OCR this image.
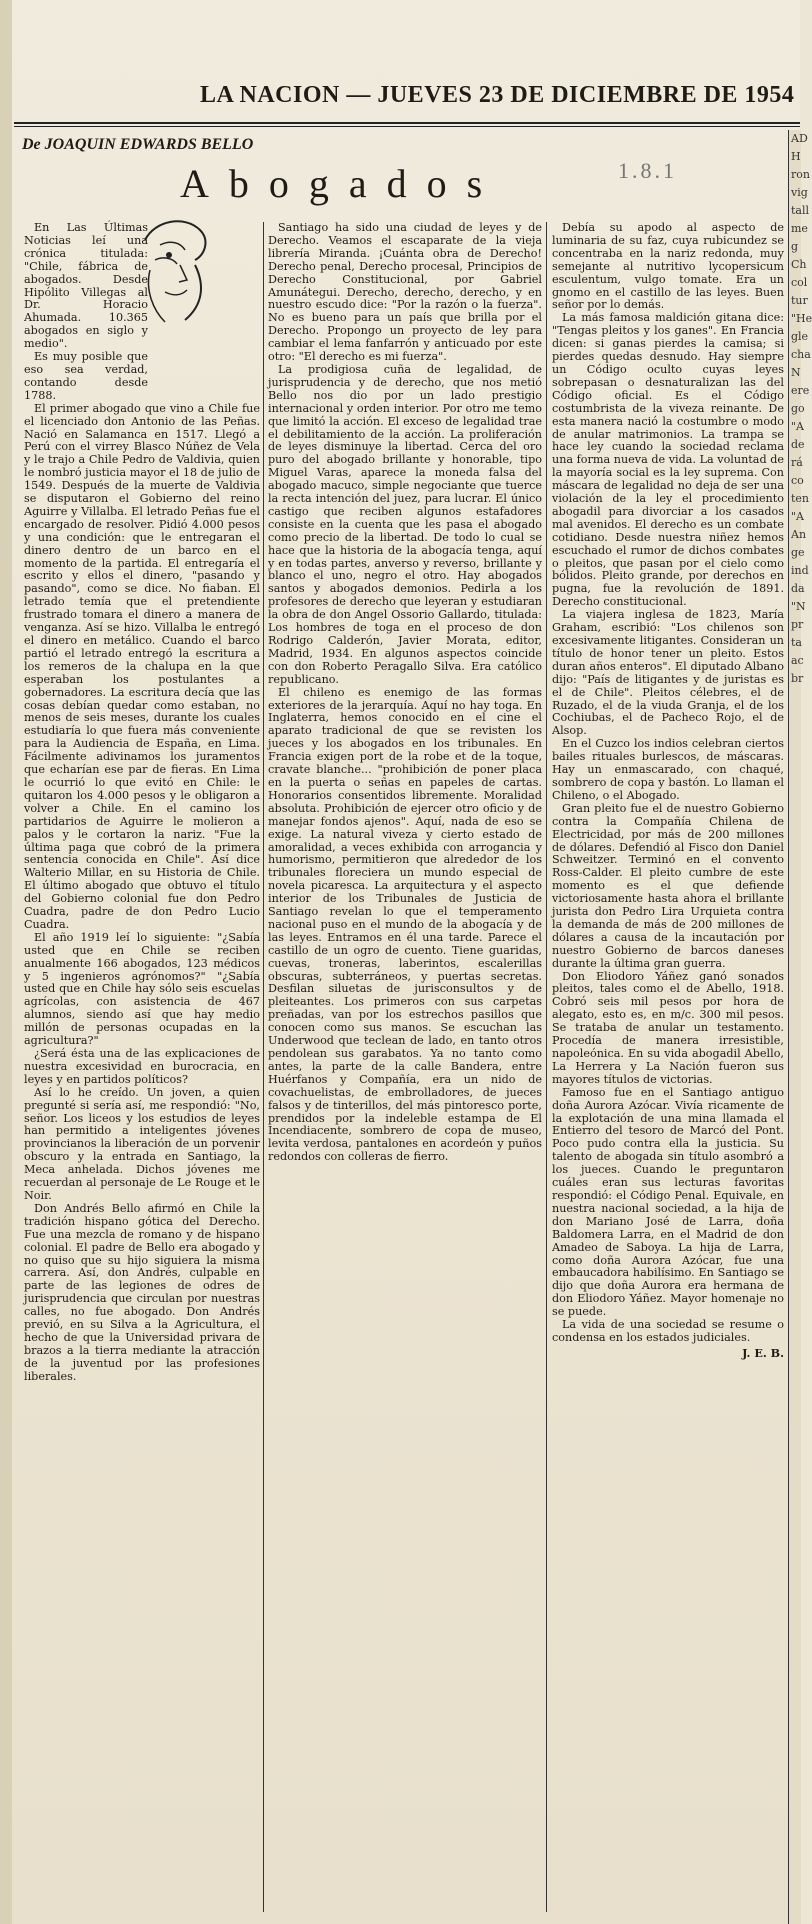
LA NACION — JUEVES 23 DE DICIEMBRE DE 1954
De JOAQUIN EDWARDS BELLO
Abogados	1.8.1

En Las Últimas Noticias leí una crónica titulada: "Chile, fábrica de abogados. Desde Hipólito Villegas al Dr. Horacio Ahumada. 10.365 abogados en siglo y medio".

Es muy posible que eso sea verdad, contando desde 1788.

El primer abogado que vino a Chile fue el licenciado don Antonio de las Peñas. Nació en Salamanca en 1517. Llegó a Perú con el virrey Blasco Núñez de Vela y le trajo a Chile Pedro de Valdivia, quien le nombró justicia mayor el 18 de julio de 1549. Después de la muerte de Valdivia se disputaron el Gobierno del reino Aguirre y Villalba. El letrado Peñas fue el encargado de resolver. Pidió 4.000 pesos y una condición: que le entregaran el dinero dentro de un barco en el momento de la partida. El entregaría el escrito y ellos el dinero, "pasando y pasando", como se dice. No fiaban. El letrado temía que el pretendiente frustrado tomara el dinero a manera de venganza. Así se hizo. Villalba le entregó el dinero en metálico. Cuando el barco partió el letrado entregó la escritura a los remeros de la chalupa en la que esperaban los postulantes a gobernadores. La escritura decía que las cosas debían quedar como estaban, no menos de seis meses, durante los cuales estudiaría lo que fuera más conveniente para la Audiencia de España, en Lima. Fácilmente adivinamos los juramentos que echarían ese par de fieras. En Lima le ocurrió lo que evitó en Chile: le quitaron los 4.000 pesos y le obligaron a volver a Chile. En el camino los partidarios de Aguirre le molieron a palos y le cortaron la nariz. "Fue la última paga que cobró de la primera sentencia conocida en Chile". Así dice Walterio Millar, en su Historia de Chile. El último abogado que obtuvo el título del Gobierno colonial fue don Pedro Cuadra, padre de don Pedro Lucio Cuadra.

El año 1919 leí lo siguiente: "¿Sabía usted que en Chile se reciben anualmente 166 abogados, 123 médicos y 5 ingenieros agrónomos?" "¿Sabía usted que en Chile hay sólo seis escuelas agrícolas, con asistencia de 467 alumnos, siendo así que hay medio millón de personas ocupadas en la agricultura?"

¿Será ésta una de las explicaciones de nuestra excesividad en burocracia, en leyes y en partidos políticos?

Así lo he creído. Un joven, a quien pregunté si sería así, me respondió: "No, señor. Los liceos y los estudios de leyes han permitido a inteligentes jóvenes provincianos la liberación de un porvenir obscuro y la entrada en Santiago, la Meca anhelada. Dichos jóvenes me recuerdan al personaje de Le Rouge et le Noir.

Don Andrés Bello afirmó en Chile la tradición hispano gótica del Derecho. Fue una mezcla de romano y de hispano colonial. El padre de Bello era abogado y no quiso que su hijo siguiera la misma carrera. Así, don Andrés, culpable en parte de las legiones de odres de jurisprudencia que circulan por nuestras calles, no fue abogado. Don Andrés previó, en su Silva a la Agricultura, el hecho de que la Universidad privara de brazos a la tierra mediante la atracción de la juventud por las profesiones liberales.

Santiago ha sido una ciudad de leyes y de Derecho. Veamos el escaparate de la vieja librería Miranda. ¡Cuánta obra de Derecho! Derecho penal, Derecho procesal, Principios de Derecho Constitucional, por Gabriel Amunátegui. Derecho, derecho, derecho, y en nuestro escudo dice: "Por la razón o la fuerza". No es bueno para un país que brilla por el Derecho. Propongo un proyecto de ley para cambiar el lema fanfarrón y anticuado por este otro: "El derecho es mi fuerza".

La prodigiosa cuña de legalidad, de jurisprudencia y de derecho, que nos metió Bello nos dio por un lado prestigio internacional y orden interior. Por otro me temo que limitó la acción. El exceso de legalidad trae el debilitamiento de la acción. La proliferación de leyes disminuye la libertad. Cerca del oro puro del abogado brillante y honorable, tipo Miguel Varas, aparece la moneda falsa del abogado macuco, simple negociante que tuerce la recta intención del juez, para lucrar. El único castigo que reciben algunos estafadores consiste en la cuenta que les pasa el abogado como precio de la libertad. De todo lo cual se hace que la historia de la abogacía tenga, aquí y en todas partes, anverso y reverso, brillante y blanco el uno, negro el otro. Hay abogados santos y abogados demonios. Pedirla a los profesores de derecho que leyeran y estudiaran la obra de don Angel Ossorio Gallardo, titulada: Los hombres de toga en el proceso de don Rodrigo Calderón, Javier Morata, editor, Madrid, 1934. En algunos aspectos coincide con don Roberto Peragallo Silva. Era católico republicano.

El chileno es enemigo de las formas exteriores de la jerarquía. Aquí no hay toga. En Inglaterra, hemos conocido en el cine el aparato tradicional de que se revisten los jueces y los abogados en los tribunales. En Francia exigen port de la robe et de la toque, cravate blanche... "prohibición de poner placa en la puerta o señas en papeles de cartas. Honorarios consentidos libremente. Moralidad absoluta. Prohibición de ejercer otro oficio y de manejar fondos ajenos". Aquí, nada de eso se exige. La natural viveza y cierto estado de amoralidad, a veces exhibida con arrogancia y humorismo, permitieron que alrededor de los tribunales floreciera un mundo especial de novela picaresca. La arquitectura y el aspecto interior de los Tribunales de Justicia de Santiago revelan lo que el temperamento nacional puso en el mundo de la abogacía y de las leyes. Entramos en él una tarde. Parece el castillo de un ogro de cuento. Tiene guaridas, cuevas, troneras, laberintos, escalerillas obscuras, subterráneos, y puertas secretas. Desfilan siluetas de jurisconsultos y de pleiteantes. Los primeros con sus carpetas preñadas, van por los estrechos pasillos que conocen como sus manos. Se escuchan las Underwood que teclean de lado, en tanto otros pendolean sus garabatos. Ya no tanto como antes, la parte de la calle Bandera, entre Huérfanos y Compañía, era un nido de covachuelistas, de embrolladores, de jueces falsos y de tinterillos, del más pintoresco porte, prendidos por la indeleble estampa de El Incendiacente, sombrero de copa de museo, levita verdosa, pantalones en acordeón y puños redondos con colleras de fierro.

Debía su apodo al aspecto de luminaria de su faz, cuya rubicundez se concentraba en la nariz redonda, muy semejante al nutritivo lycopersicum esculentum, vulgo tomate. Era un gnomo en el castillo de las leyes. Buen señor por lo demás.

La más famosa maldición gitana dice: "Tengas pleitos y los ganes". En Francia dicen: si ganas pierdes la camisa; si pierdes quedas desnudo. Hay siempre un Código oculto cuyas leyes sobrepasan o desnaturalizan las del Código oficial. Es el Código costumbrista de la viveza reinante. De esta manera nació la costumbre o modo de anular matrimonios. La trampa se hace ley cuando la sociedad reclama una forma nueva de vida. La voluntad de la mayoría social es la ley suprema. Con máscara de legalidad no deja de ser una violación de la ley el procedimiento abogadil para divorciar a los casados mal avenidos. El derecho es un combate cotidiano. Desde nuestra niñez hemos escuchado el rumor de dichos combates o pleitos, que pasan por el cielo como bólidos. Pleito grande, por derechos en pugna, fue la revolución de 1891. Derecho constitucional.

La viajera inglesa de 1823, María Graham, escribió: "Los chilenos son excesivamente litigantes. Consideran un título de honor tener un pleito. Estos duran años enteros". El diputado Albano dijo: "País de litigantes y de juristas es el de Chile". Pleitos célebres, el de Ruzado, el de la viuda Granja, el de los Cochiubas, el de Pacheco Rojo, el de Alsop.

En el Cuzco los indios celebran ciertos bailes rituales burlescos, de máscaras. Hay un enmascarado, con chaqué, sombrero de copa y bastón. Lo llaman el Chileno, o el Abogado.

Gran pleito fue el de nuestro Gobierno contra la Compañía Chilena de Electricidad, por más de 200 millones de dólares. Defendió al Fisco don Daniel Schweitzer. Terminó en el convento Ross-Calder. El pleito cumbre de este momento es el que defiende victoriosamente hasta ahora el brillante jurista don Pedro Lira Urquieta contra la demanda de más de 200 millones de dólares a causa de la incautación por nuestro Gobierno de barcos daneses durante la última gran guerra.

Don Eliodoro Yáñez ganó sonados pleitos, tales como el de Abello, 1918. Cobró seis mil pesos por hora de alegato, esto es, en m/c. 300 mil pesos. Se trataba de anular un testamento. Procedía de manera irresistible, napoleónica. En su vida abogadil Abello, La Herrera y La Nación fueron sus mayores títulos de victorias.

Famoso fue en el Santiago antiguo doña Aurora Azócar. Vivía ricamente de la explotación de una mina llamada el Entierro del tesoro de Marcó del Pont. Poco pudo contra ella la justicia. Su talento de abogada sin título asombró a los jueces. Cuando le preguntaron cuáles eran sus lecturas favoritas respondió: el Código Penal. Equivale, en nuestra nacional sociedad, a la hija de don Mariano José de Larra, doña Baldomera Larra, en el Madrid de don Amadeo de Saboya. La hija de Larra, como doña Aurora Azócar, fue una embaucadora habilísimo. En Santiago se dijo que doña Aurora era hermana de don Eliodoro Yáñez. Mayor homenaje no se puede.

La vida de una sociedad se resume o condensa en los estados judiciales.

J. E. B.
AD
H
ron
vig
tall
me
g
Ch
col
tur
"He
gle
cha
N
ere
go
"A
de
rá
co
ten
"A
An
ge
ind
da
"N
pr
ta
ac
br
